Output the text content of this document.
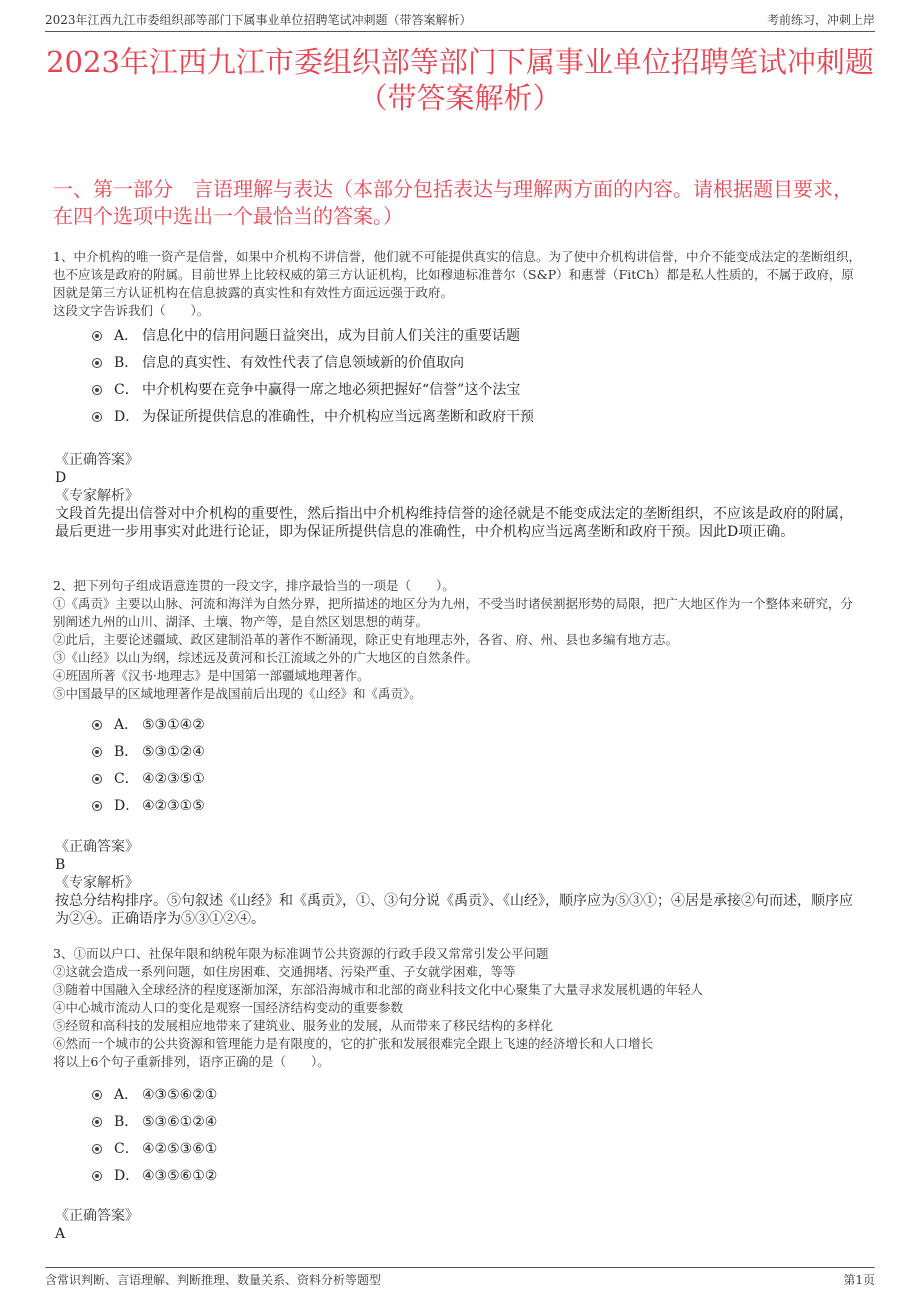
2023年江西九江市委组织部等部门下属事业单位招聘笔试冲刺题（带答案解析）	考前练习，冲刺上岸
2023年江西九江市委组织部等部门下属事业单位招聘笔试冲刺题（带答案解析）
一、第一部分　言语理解与表达（本部分包括表达与理解两方面的内容。请根据题目要求，在四个选项中选出一个最恰当的答案。）

1、中介机构的唯一资产是信誉，如果中介机构不讲信誉，他们就不可能提供真实的信息。为了使中介机构讲信誉，中介不能变成法定的垄断组织，也不应该是政府的附属。目前世界上比较权威的第三方认证机构，比如穆迪标准普尔（S&P）和惠誉（FitCh）都是私人性质的，不属于政府，原因就是第三方认证机构在信息披露的真实性和有效性方面远远强于政府。

这段文字告诉我们（　　）。

A． 信息化中的信用问题日益突出，成为目前人们关注的重要话题
B． 信息的真实性、有效性代表了信息领域新的价值取向
C． 中介机构要在竞争中赢得一席之地必须把握好“信誉”这个法宝
D． 为保证所提供信息的准确性，中介机构应当远离垄断和政府干预

《正确答案》

D

《专家解析》

文段首先提出信誉对中介机构的重要性，然后指出中介机构维持信誉的途径就是不能变成法定的垄断组织，不应该是政府的附属，最后更进一步用事实对此进行论证，即为保证所提供信息的准确性，中介机构应当远离垄断和政府干预。因此D项正确。

2、把下列句子组成语意连贯的一段文字，排序最恰当的一项是（　　）。

①《禹贡》主要以山脉、河流和海洋为自然分界，把所描述的地区分为九州，不受当时诸侯割据形势的局限，把广大地区作为一个整体来研究，分别阐述九州的山川、湖泽、土壤、物产等，是自然区划思想的萌芽。

②此后，主要论述疆域、政区建制沿革的著作不断涌现，除正史有地理志外，各省、府、州、县也多编有地方志。

③《山经》以山为纲，综述远及黄河和长江流域之外的广大地区的自然条件。

④班固所著《汉书·地理志》是中国第一部疆域地理著作。

⑤中国最早的区域地理著作是战国前后出现的《山经》和《禹贡》。

A． ⑤③①④②
B． ⑤③①②④
C． ④②③⑤①
D． ④②③①⑤

《正确答案》

B

《专家解析》

按总分结构排序。⑤句叙述《山经》和《禹贡》，①、③句分说《禹贡》、《山经》，顺序应为⑤③①；④居是承接②句而述，顺序应为②④。正确语序为⑤③①②④。

3、①而以户口、社保年限和纳税年限为标准调节公共资源的行政手段又常常引发公平问题

②这就会造成一系列问题，如住房困难、交通拥堵、污染严重、子女就学困难，等等

③随着中国融入全球经济的程度逐渐加深，东部沿海城市和北部的商业科技文化中心聚集了大量寻求发展机遇的年轻人

④中心城市流动人口的变化是观察一国经济结构变动的重要参数

⑤经贸和高科技的发展相应地带来了建筑业、服务业的发展，从而带来了移民结构的多样化

⑥然而一个城市的公共资源和管理能力是有限度的，它的扩张和发展很难完全跟上飞速的经济增长和人口增长

将以上6个句子重新排列，语序正确的是（　　）。

A． ④③⑤⑥②①
B． ⑤③⑥①②④
C． ④②⑤③⑥①
D． ④③⑤⑥①②

《正确答案》

A

含常识判断、言语理解、判断推理、数量关系、资料分析等题型	第1页
